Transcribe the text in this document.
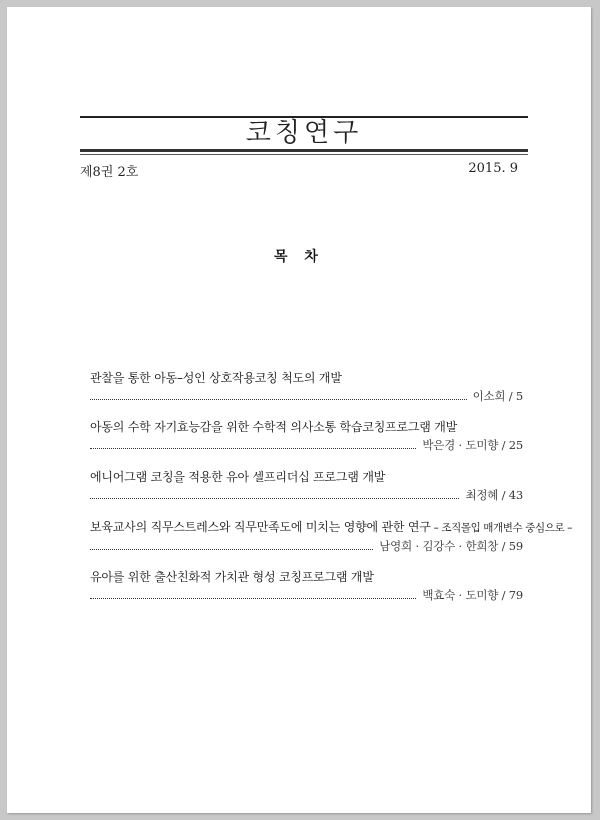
코칭연구
제8권 2호	2015. 9
목 차
관찰을 통한 아동–성인 상호작용코칭 척도의 개발
이소희 / 5
아동의 수학 자기효능감을 위한 수학적 의사소통 학습코칭프로그램 개발
박은경 · 도미향 / 25
에니어그램 코칭을 적용한 유아 셀프리더십 프로그램 개발
최정혜 / 43
보육교사의 직무스트레스와 직무만족도에 미치는 영향에 관한 연구 – 조직몰입 매개변수 중심으로 –
남영희 · 김강수 · 한희창 / 59
유아를 위한 출산친화적 가치관 형성 코칭프로그램 개발
백효숙 · 도미향 / 79
